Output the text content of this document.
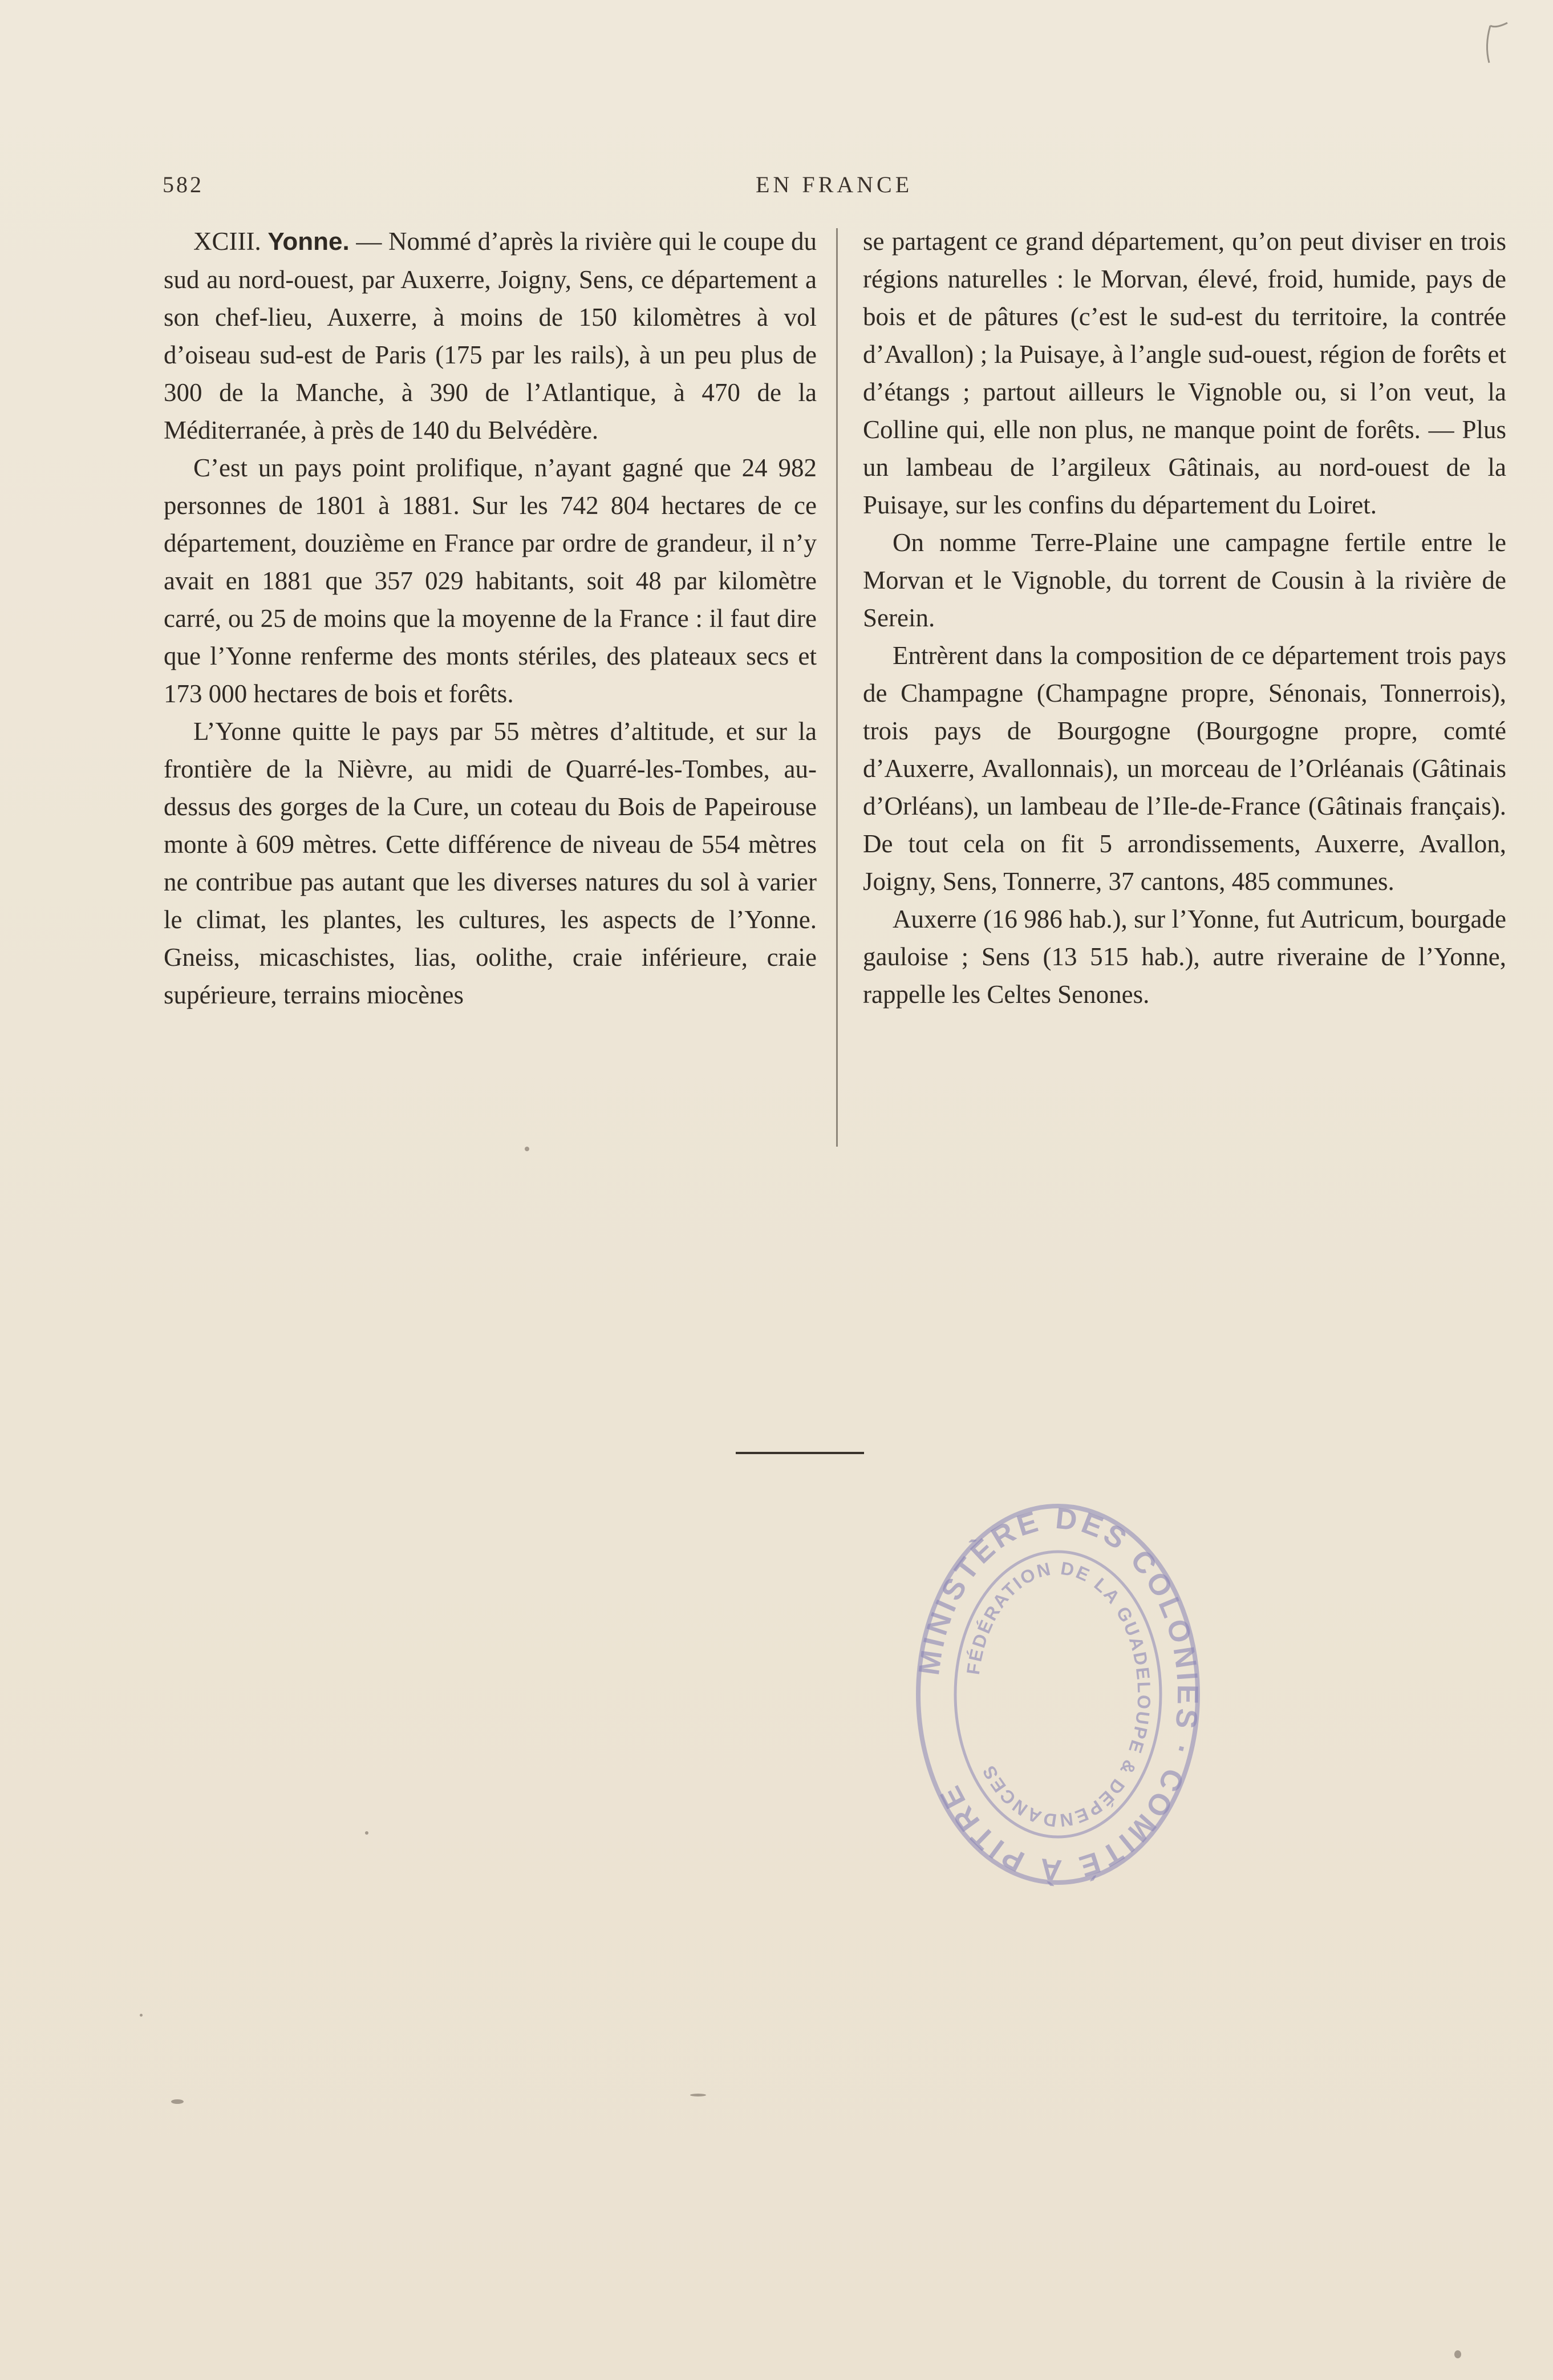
582	EN FRANCE

XCIII. Yonne. — Nommé d’après la rivière qui le coupe du sud au nord-ouest, par Auxerre, Joigny, Sens, ce département a son chef-lieu, Auxerre, à moins de 150 kilomètres à vol d’oiseau sud-est de Paris (175 par les rails), à un peu plus de 300 de la Manche, à 390 de l’Atlantique, à 470 de la Méditerranée, à près de 140 du Belvédère.

C’est un pays point prolifique, n’ayant gagné que 24 982 personnes de 1801 à 1881. Sur les 742 804 hectares de ce département, douzième en France par ordre de grandeur, il n’y avait en 1881 que 357 029 habitants, soit 48 par kilomètre carré, ou 25 de moins que la moyenne de la France : il faut dire que l’Yonne renferme des monts stériles, des plateaux secs et 173 000 hectares de bois et forêts.

L’Yonne quitte le pays par 55 mètres d’altitude, et sur la frontière de la Nièvre, au midi de Quarré-les-Tombes, au-dessus des gorges de la Cure, un coteau du Bois de Papeirouse monte à 609 mètres. Cette différence de niveau de 554 mètres ne contribue pas autant que les diverses natures du sol à varier le climat, les plantes, les cultures, les aspects de l’Yonne. Gneiss, micaschistes, lias, oolithe, craie inférieure, craie supérieure, terrains miocènes

se partagent ce grand département, qu’on peut diviser en trois régions naturelles : le Morvan, élevé, froid, humide, pays de bois et de pâtures (c’est le sud-est du territoire, la contrée d’Avallon) ; la Puisaye, à l’angle sud-ouest, région de forêts et d’étangs ; partout ailleurs le Vignoble ou, si l’on veut, la Colline qui, elle non plus, ne manque point de forêts. — Plus un lambeau de l’argileux Gâtinais, au nord-ouest de la Puisaye, sur les confins du département du Loiret.

On nomme Terre-Plaine une campagne fertile entre le Morvan et le Vignoble, du torrent de Cousin à la rivière de Serein.

Entrèrent dans la composition de ce département trois pays de Champagne (Champagne propre, Sénonais, Tonnerrois), trois pays de Bourgogne (Bourgogne propre, comté d’Auxerre, Avallonnais), un morceau de l’Orléanais (Gâtinais d’Orléans), un lambeau de l’Ile-de-France (Gâtinais français). De tout cela on fit 5 arrondissements, Auxerre, Avallon, Joigny, Sens, Tonnerre, 37 cantons, 485 communes.

Auxerre (16 986 hab.), sur l’Yonne, fut Autricum, bourgade gauloise ; Sens (13 515 hab.), autre riveraine de l’Yonne, rappelle les Celtes Senones.

MINISTÈRE DES COLONIES · COMITÉ À PITRE
FÉDÉRATION DE LA GUADELOUPE & DÉPENDANCES
